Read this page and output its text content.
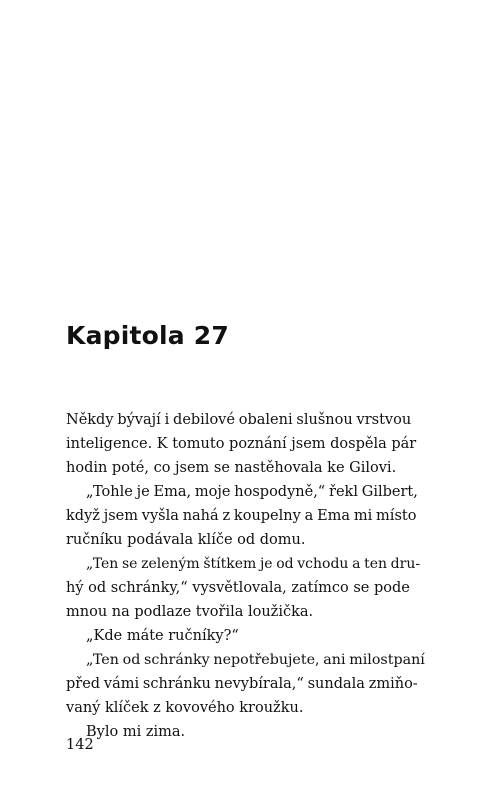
Kapitola 27
Někdy bývají i debilové obaleni slušnou vrstvou
inteligence. K tomuto poznání jsem dospěla pár
hodin poté, co jsem se nastěhovala ke Gilovi.
„Tohle je Ema, moje hospodyně,“ řekl Gilbert,
když jsem vyšla nahá z koupelny a Ema mi místo
ručníku podávala klíče od domu.
„Ten se zeleným štítkem je od vchodu a ten dru-
hý od schránky,“ vysvětlovala, zatímco se pode
mnou na podlaze tvořila loužička.
„Kde máte ručníky?“
„Ten od schránky nepotřebujete, ani milostpaní
před vámi schránku nevybírala,“ sundala zmiňo-
vaný klíček z kovového kroužku.
Bylo mi zima.
142
